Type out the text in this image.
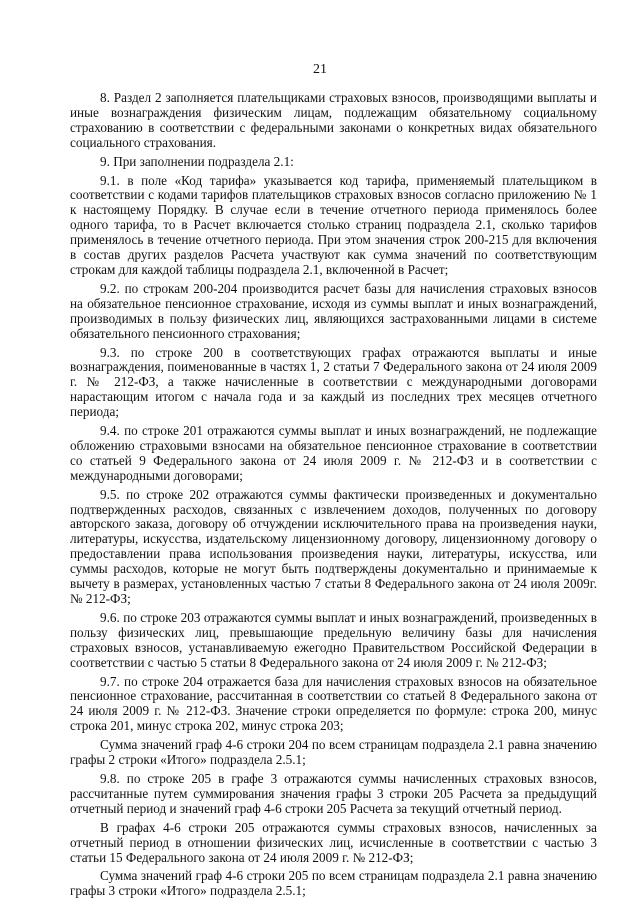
21

8. Раздел 2 заполняется плательщиками страховых взносов, производящими выплаты и иные вознаграждения физическим лицам, подлежащим обязательному социальному страхованию в соответствии с федеральными законами о конкретных видах обязательного социального страхования.

9. При заполнении подраздела 2.1:

9.1. в поле «Код тарифа» указывается код тарифа, применяемый плательщиком в соответствии с кодами тарифов плательщиков страховых взносов согласно приложению № 1 к настоящему Порядку. В случае если в течение отчетного периода применялось более одного тарифа, то в Расчет включается столько страниц подраздела 2.1, сколько тарифов применялось в течение отчетного периода. При этом значения строк 200-215 для включения в состав других разделов Расчета участвуют как сумма значений по соответствующим строкам для каждой таблицы подраздела 2.1, включенной в Расчет;

9.2. по строкам 200-204 производится расчет базы для начисления страховых взносов на обязательное пенсионное страхование, исходя из суммы выплат и иных вознаграждений, производимых в пользу физических лиц, являющихся застрахованными лицами в системе обязательного пенсионного страхования;

9.3. по строке 200 в соответствующих графах отражаются выплаты и иные вознаграждения, поименованные в частях 1, 2 статьи 7 Федерального закона от 24 июля 2009 г. № 212-ФЗ, а также начисленные в соответствии с международными договорами нарастающим итогом с начала года и за каждый из последних трех месяцев отчетного периода;

9.4. по строке 201 отражаются суммы выплат и иных вознаграждений, не подлежащие обложению страховыми взносами на обязательное пенсионное страхование в соответствии со статьей 9 Федерального закона от 24 июля 2009 г. № 212-ФЗ и в соответствии с международными договорами;

9.5. по строке 202 отражаются суммы фактически произведенных и документально подтвержденных расходов, связанных с извлечением доходов, полученных по договору авторского заказа, договору об отчуждении исключительного права на произведения науки, литературы, искусства, издательскому лицензионному договору, лицензионному договору о предоставлении права использования произведения науки, литературы, искусства, или суммы расходов, которые не могут быть подтверждены документально и принимаемые к вычету в размерах, установленных частью 7 статьи 8 Федерального закона от 24 июля 2009г. № 212-ФЗ;

9.6. по строке 203 отражаются суммы выплат и иных вознаграждений, произведенных в пользу физических лиц, превышающие предельную величину базы для начисления страховых взносов, устанавливаемую ежегодно Правительством Российской Федерации в соответствии с частью 5 статьи 8 Федерального закона от 24 июля 2009 г. № 212-ФЗ;

9.7. по строке 204 отражается база для начисления страховых взносов на обязательное пенсионное страхование, рассчитанная в соответствии со статьей 8 Федерального закона от 24 июля 2009 г. № 212-ФЗ. Значение строки определяется по формуле: строка 200, минус строка 201, минус строка 202, минус строка 203;

Сумма значений граф 4-6 строки 204 по всем страницам подраздела 2.1 равна значению графы 2 строки «Итого» подраздела 2.5.1;

9.8. по строке 205 в графе 3 отражаются суммы начисленных страховых взносов, рассчитанные путем суммирования значения графы 3 строки 205 Расчета за предыдущий отчетный период и значений граф 4-6 строки 205 Расчета за текущий отчетный период.

В графах 4-6 строки 205 отражаются суммы страховых взносов, начисленных за отчетный период в отношении физических лиц, исчисленные в соответствии с частью 3 статьи 15 Федерального закона от 24 июля 2009 г. № 212-ФЗ;

Сумма значений граф 4-6 строки 205 по всем страницам подраздела 2.1 равна значению графы 3 строки «Итого» подраздела 2.5.1;
